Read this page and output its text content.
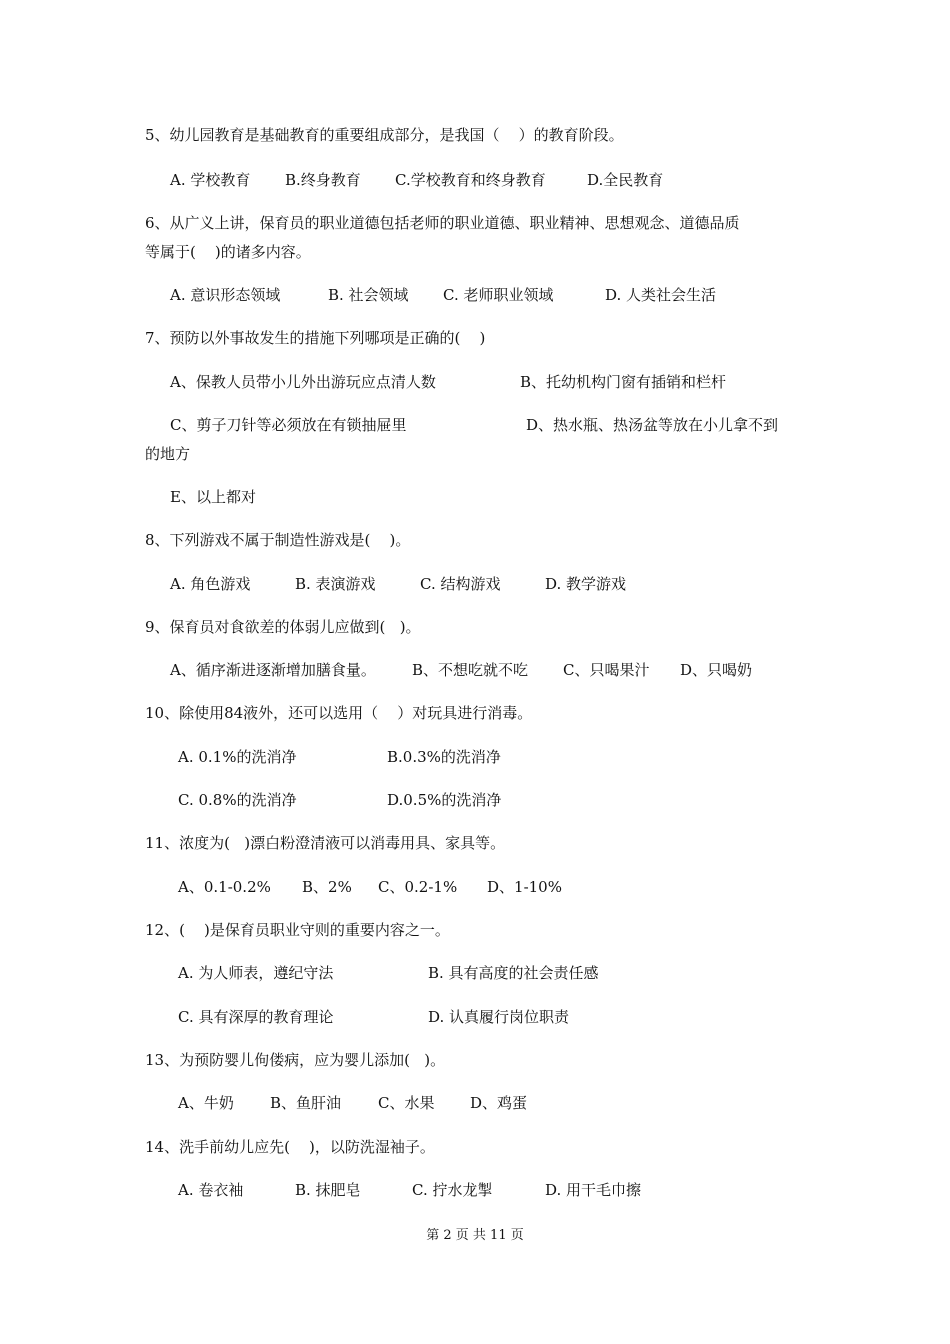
5、幼儿园教育是基础教育的重要组成部分，是我国（    ）的教育阶段。
A. 学校教育 B.终身教育 C.学校教育和终身教育	D.全民教育
6、从广义上讲，保育员的职业道德包括老师的职业道德、职业精神、思想观念、道德品质
等属于(    )的诸多内容。
A. 意识形态领域	B. 社会领域 C. 老师职业领域	D. 人类社会生活
7、预防以外事故发生的措施下列哪项是正确的(    )
A、保教人员带小儿外出游玩应点清人数	B、托幼机构门窗有插销和栏杆
C、剪子刀针等必须放在有锁抽屉里	D、热水瓶、热汤盆等放在小儿拿不到
的地方
E、以上都对
8、下列游戏不属于制造性游戏是(    )。
A. 角色游戏	B. 表演游戏	C. 结构游戏	D. 教学游戏
9、保育员对食欲差的体弱儿应做到(   )。
A、循序渐进逐渐增加膳食量。 B、不想吃就不吃 C、只喝果汁 D、只喝奶
10、除使用84液外，还可以选用（    ）对玩具进行消毒。
A. 0.1%的洗消净	B.0.3%的洗消净
C. 0.8%的洗消净	D.0.5%的洗消净
11、浓度为(   )漂白粉澄清液可以消毒用具、家具等。
A、0.1-0.2% B、2% C、0.2-1% D、1-10%
12、(    )是保育员职业守则的重要内容之一。
A. 为人师表，遵纪守法	B. 具有高度的社会责任感
C. 具有深厚的教育理论	D. 认真履行岗位职责
13、为预防婴儿佝偻病，应为婴儿添加(   )。
A、牛奶 B、鱼肝油 C、水果 D、鸡蛋
14、洗手前幼儿应先(    )，以防洗湿袖子。
A. 卷衣袖	B. 抹肥皂	C. 拧水龙掣	D. 用干毛巾擦
第 2 页 共 11 页
